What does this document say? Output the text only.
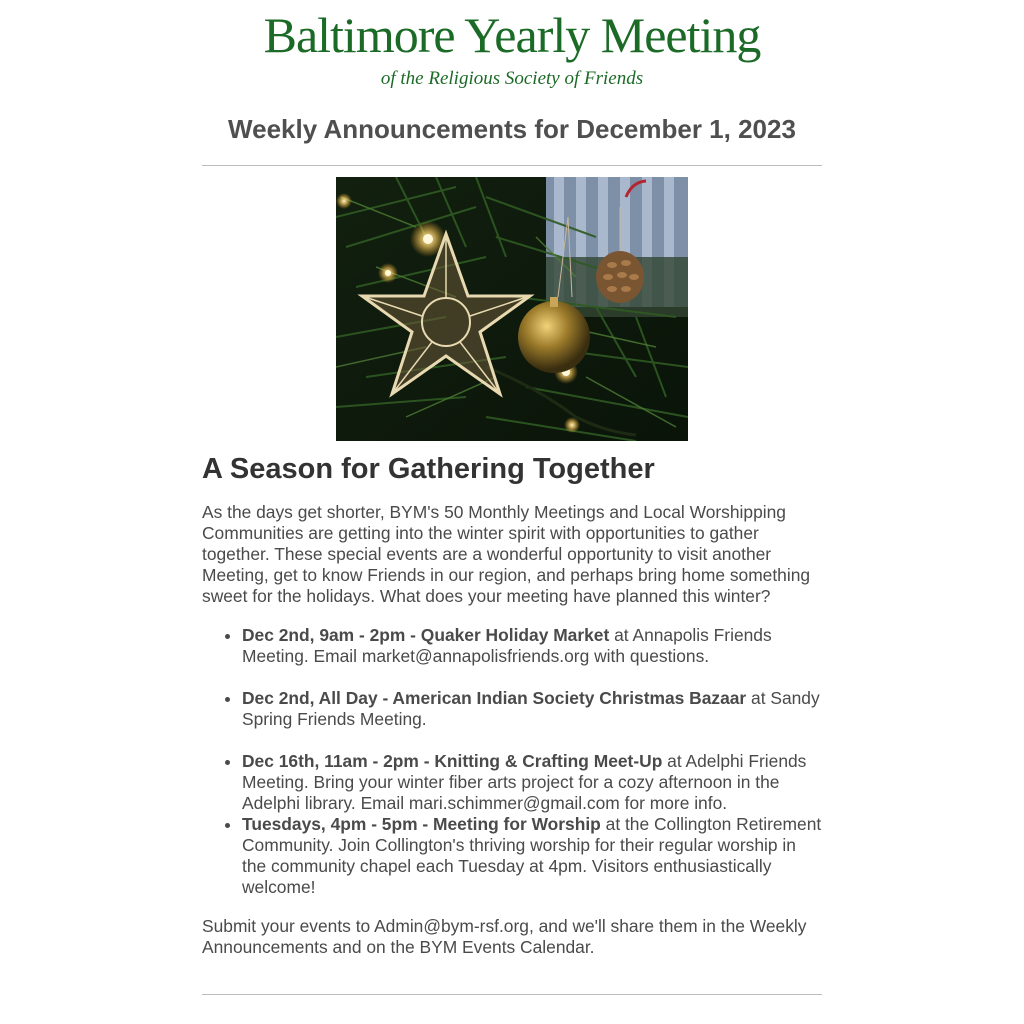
Baltimore Yearly Meeting
of the Religious Society of Friends
Weekly Announcements for December 1, 2023
A Season for Gathering Together

As the days get shorter, BYM's 50 Monthly Meetings and Local Worshipping Communities are getting into the winter spirit with opportunities to gather together. These special events are a wonderful opportunity to visit another Meeting, get to know Friends in our region, and perhaps bring home something sweet for the holidays. What does your meeting have planned this winter?

• Dec 2nd, 9am - 2pm - Quaker Holiday Market at Annapolis Friends Meeting. Email market@annapolisfriends.org with questions.
• Dec 2nd, All Day - American Indian Society Christmas Bazaar at Sandy Spring Friends Meeting.
• Dec 16th, 11am - 2pm - Knitting & Crafting Meet-Up at Adelphi Friends Meeting. Bring your winter fiber arts project for a cozy afternoon in the Adelphi library. Email mari.schimmer@gmail.com for more info.
• Tuesdays, 4pm - 5pm - Meeting for Worship at the Collington Retirement Community. Join Collington's thriving worship for their regular worship in the community chapel each Tuesday at 4pm. Visitors enthusiastically welcome!

Submit your events to Admin@bym-rsf.org, and we'll share them in the Weekly Announcements and on the BYM Events Calendar.
